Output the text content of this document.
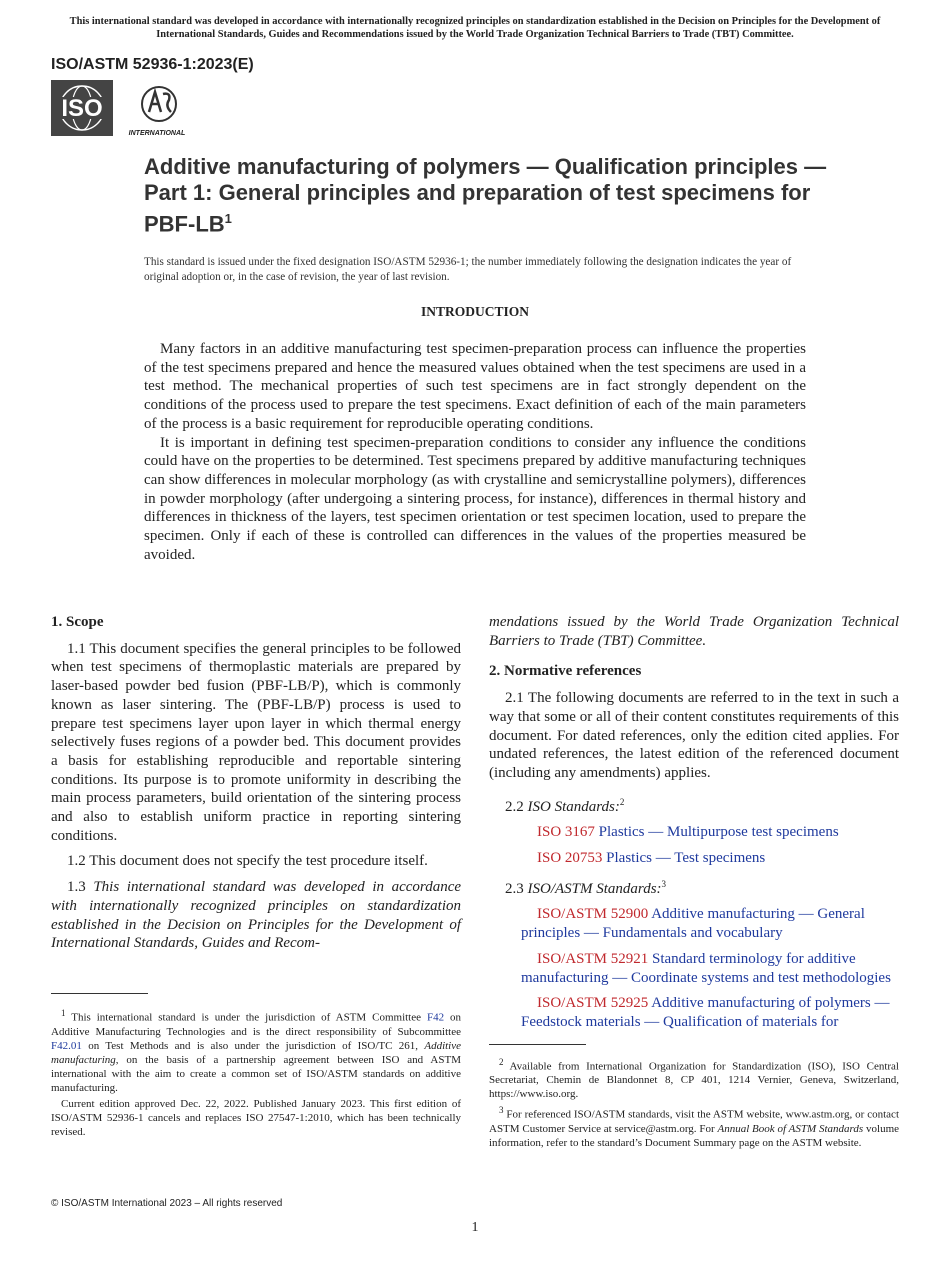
This international standard was developed in accordance with internationally recognized principles on standardization established in the Decision on Principles for the Development of International Standards, Guides and Recommendations issued by the World Trade Organization Technical Barriers to Trade (TBT) Committee.
ISO/ASTM 52936-1:2023(E)
ISO
INTERNATIONAL
Additive manufacturing of polymers — Qualification principles — Part 1: General principles and preparation of test specimens for PBF-$LB^1$
This standard is issued under the fixed designation ISO/ASTM 52936-1; the number immediately following the designation indicates the year of original adoption or, in the case of revision, the year of last revision.
INTRODUCTION

Many factors in an additive manufacturing test specimen-preparation process can influence the properties of the test specimens prepared and hence the measured values obtained when the test specimens are used in a test method. The mechanical properties of such test specimens are in fact strongly dependent on the conditions of the process used to prepare the test specimens. Exact definition of each of the main parameters of the process is a basic requirement for reproducible operating conditions.

It is important in defining test specimen-preparation conditions to consider any influence the conditions could have on the properties to be determined. Test specimens prepared by additive manufacturing techniques can show differences in molecular morphology (as with crystalline and semicrystalline polymers), differences in powder morphology (after undergoing a sintering process, for instance), differences in thermal history and differences in thickness of the layers, test specimen orientation or test specimen location, used to prepare the specimen. Only if each of these is controlled can differences in the values of the properties measured be avoided.

1. Scope

1.1 This document specifies the general principles to be followed when test specimens of thermoplastic materials are prepared by laser-based powder bed fusion (PBF-LB/P), which is commonly known as laser sintering. The (PBF-LB/P) process is used to prepare test specimens layer upon layer in which thermal energy selectively fuses regions of a powder bed. This document provides a basis for establishing reproducible and reportable sintering conditions. Its purpose is to promote uniformity in describing the main process parameters, build orientation of the sintering process and also to establish uniform practice in reporting sintering conditions.

1.2 This document does not specify the test procedure itself.

1.3 This international standard was developed in accordance with internationally recognized principles on standardization established in the Decision on Principles for the Development of International Standards, Guides and Recom-

$^1$ This international standard is under the jurisdiction of ASTM Committee F42 on Additive Manufacturing Technologies and is the direct responsibility of Subcommittee F42.01 on Test Methods and is also under the jurisdiction of ISO/TC 261, Additive manufacturing, on the basis of a partnership agreement between ISO and ASTM international with the aim to create a common set of ISO/ASTM standards on additive manufacturing.

Current edition approved Dec. 22, 2022. Published January 2023. This first edition of ISO/ASTM 52936-1 cancels and replaces ISO 27547-1:2010, which has been technically revised.

mendations issued by the World Trade Organization Technical Barriers to Trade (TBT) Committee.

2. Normative references

2.1 The following documents are referred to in the text in such a way that some or all of their content constitutes requirements of this document. For dated references, only the edition cited applies. For undated references, the latest edition of the referenced document (including any amendments) applies.

2.2 ISO Standards:$^2$

ISO 3167 Plastics — Multipurpose test specimens

ISO 20753 Plastics — Test specimens

2.3 ISO/ASTM Standards:$^3$

ISO/ASTM 52900 Additive manufacturing — General principles — Fundamentals and vocabulary

ISO/ASTM 52921 Standard terminology for additive manufacturing — Coordinate systems and test methodologies

ISO/ASTM 52925 Additive manufacturing of polymers — Feedstock materials — Qualification of materials for

$^2$ Available from International Organization for Standardization (ISO), ISO Central Secretariat, Chemin de Blandonnet 8, CP 401, 1214 Vernier, Geneva, Switzerland, https://www.iso.org.

$^3$ For referenced ISO/ASTM standards, visit the ASTM website, www.astm.org, or contact ASTM Customer Service at service@astm.org. For Annual Book of ASTM Standards volume information, refer to the standard’s Document Summary page on the ASTM website.

© ISO/ASTM International 2023 – All rights reserved
1
